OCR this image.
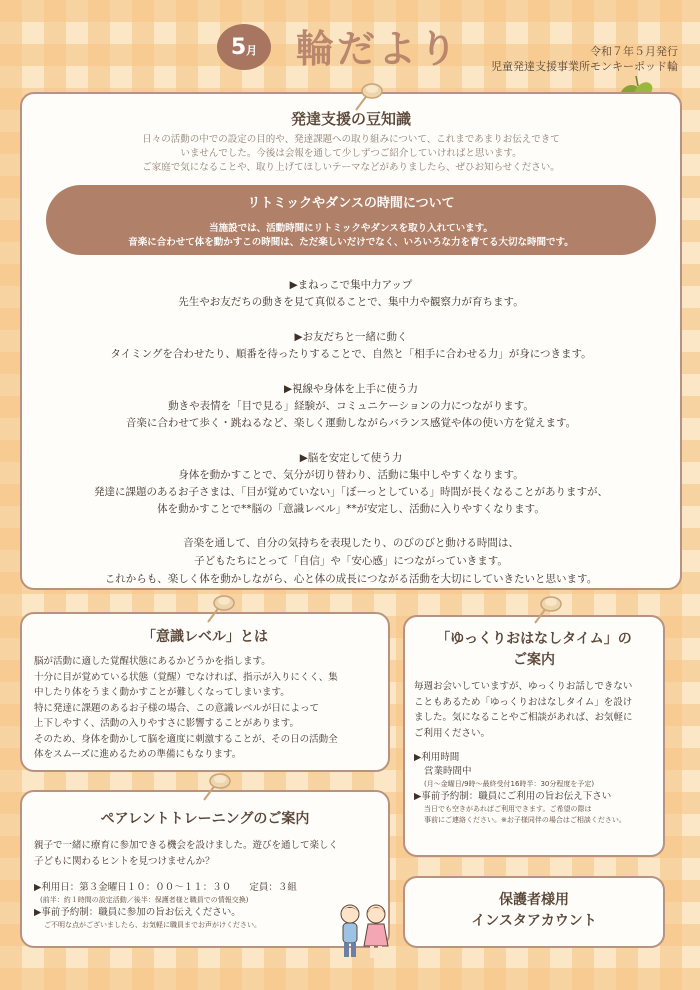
5 月 輪だより	令和７年５月発行
児童発達支援事業所モンキーポッド輪
発達支援の豆知識
日々の活動の中での設定の目的や、発達課題への取り組みについて、これまであまりお伝えできて
いませんでした。今後は会報を通して少しずつご紹介していければと思います。
ご家庭で気になることや、取り上げてほしいテーマなどがありましたら、ぜひお知らせください。
リトミックやダンスの時間について
当施設では、活動時間にリトミックやダンスを取り入れています。
音楽に合わせて体を動かすこの時間は、ただ楽しいだけでなく、いろいろな力を育てる大切な時間です。
▶まねっこで集中力アップ
先生やお友だちの動きを見て真似ることで、集中力や観察力が育ちます。
▶お友だちと一緒に動く
タイミングを合わせたり、順番を待ったりすることで、自然と「相手に合わせる力」が身につきます。
▶視線や身体を上手に使う力
動きや表情を「目で見る」経験が、コミュニケーションの力につながります。
音楽に合わせて歩く・跳ねるなど、楽しく運動しながらバランス感覚や体の使い方を覚えます。
▶脳を安定して使う力
身体を動かすことで、気分が切り替わり、活動に集中しやすくなります。
発達に課題のあるお子さまは、「目が覚めていない」「ぼーっとしている」時間が長くなることがありますが、
体を動かすことで**脳の「意識レベル」**が安定し、活動に入りやすくなります。
音楽を通して、自分の気持ちを表現したり、のびのびと動ける時間は、
子どもたちにとって「自信」や「安心感」につながっていきます。
これからも、楽しく体を動かしながら、心と体の成長につながる活動を大切にしていきたいと思います。
「意識レベル」とは
脳が活動に適した覚醒状態にあるかどうかを指します。
十分に目が覚めている状態（覚醒）でなければ、指示が入りにくく、集
中したり体をうまく動かすことが難しくなってしまいます。
特に発達に課題のあるお子様の場合、この意識レベルが日によって
上下しやすく、活動の入りやすさに影響することがあります。
そのため、身体を動かして脳を適度に刺激することが、その日の活動全
体をスムーズに進めるための準備にもなります。
「ゆっくりおはなしタイム」の
ご案内
毎週お会いしていますが、ゆっくりお話しできない
こともあるため「ゆっくりおはなしタイム」を設け
ました。気になることやご相談があれば、お気軽に
ご利用ください。
▶利用時間
営業時間中
(月〜金曜日/9時〜最終受付16時半：30分程度を予定)
▶事前予約制：職員にご利用の旨お伝え下さい
当日でも空きがあればご利用できます。ご希望の際は
事前にご連絡ください。※お子様同伴の場合はご相談ください。
ペアレントトレーニングのご案内
親子で一緒に療育に参加できる機会を設けました。遊びを通して楽しく
子どもに関わるヒントを見つけませんか？
▶利用日：第３金曜日１０：００〜１１：３０ 定員：３組
(前半：約１時間の設定活動／後半：保護者様と職員での情報交換)
▶事前予約制：職員に参加の旨お伝えください。
ご不明な点がございましたら、お気軽に職員までお声がけください。
保護者様用
インスタアカウント
